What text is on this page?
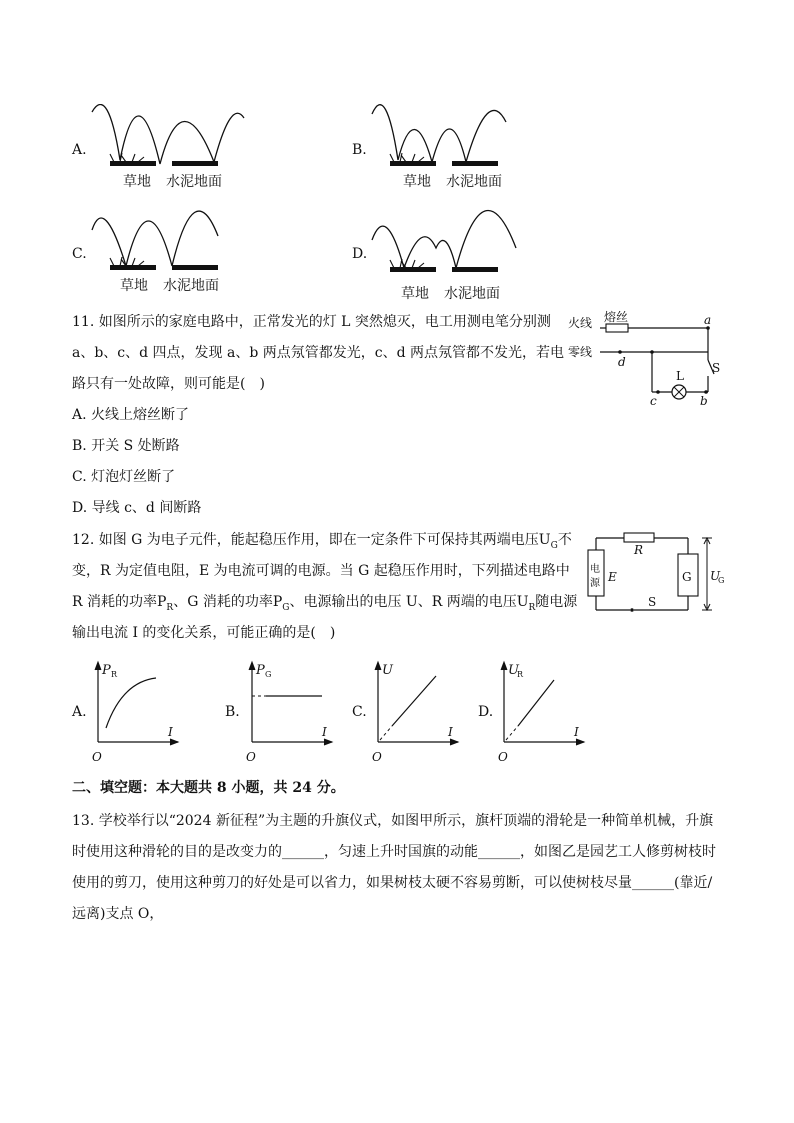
A.
草地 水泥地面
B.
草地 水泥地面
C.
草地 水泥地面
D.
草地 水泥地面
11. 如图所示的家庭电路中，正常发光的灯 L 突然熄灭，电工用测电笔分别测
a、b、c、d 四点，发现 a、b 两点氖管都发光，c、d 两点氖管都不发光，若电
路只有一处故障，则可能是(　)
A. 火线上熔丝断了
B. 开关 S 处断路
C. 灯泡灯丝断了
D. 导线 c、d 间断路
火线 熔丝
零线
a
d
c	b
L
S
12. 如图 G 为电子元件，能起稳压作用，即在一定条件下可保持其两端电压$U_G$不
变，R 为定值电阻，E 为电流可调的电源。当 G 起稳压作用时，下列描述电路中
R 消耗的功率$P_R$、G 消耗的功率$P_G$、电源输出的电压 U、R 两端的电压$U_R$随电源
输出电流 I 的变化关系，可能正确的是(　)
R
电
源 E	G
S
U
G
A.
P R
I
O
B.
P G
I
O
C.
U
I
O
D.
U
R
I
O
二、填空题：本大题共 8 小题，共 24 分。
13. 学校举行以“2024 新征程”为主题的升旗仪式，如图甲所示，旗杆顶端的滑轮是一种简单机械，升旗
时使用这种滑轮的目的是改变力的______，匀速上升时国旗的动能______，如图乙是园艺工人修剪树枝时
使用的剪刀，使用这种剪刀的好处是可以省力，如果树枝太硬不容易剪断，可以使树枝尽量______(靠近/
远离)支点 O，
